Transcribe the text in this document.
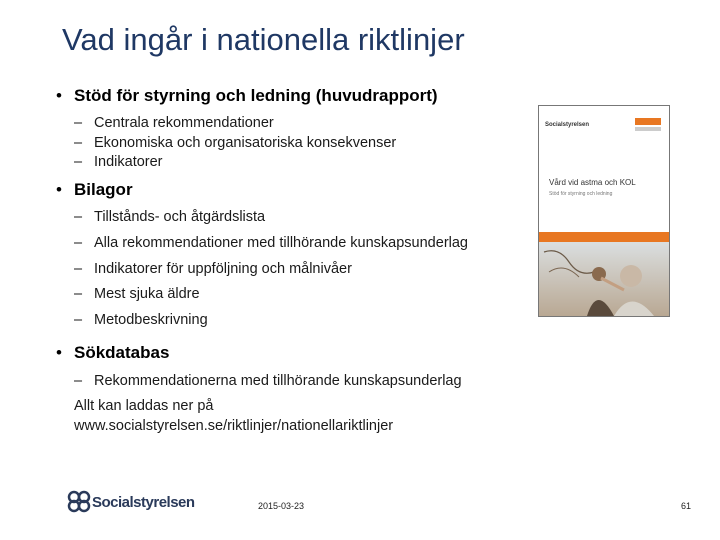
Vad ingår i nationella riktlinjer
• Stöd för styrning och ledning (huvudrapport)
– Centrala rekommendationer
– Ekonomiska och organisatoriska konsekvenser
– Indikatorer
• Bilagor
– Tillstånds- och åtgärdslista
– Alla rekommendationer med tillhörande kunskapsunderlag
– Indikatorer för uppföljning och målnivåer
– Mest sjuka äldre
– Metodbeskrivning
• Sökdatabas
– Rekommendationerna med tillhörande kunskapsunderlag
Allt kan laddas ner på
www.socialstyrelsen.se/riktlinjer/nationellariktlinjer
Socialstyrelsen
Vård vid astma och KOL
Stöd för styrning och ledning
Socialstyrelsen	2015-03-23	61
